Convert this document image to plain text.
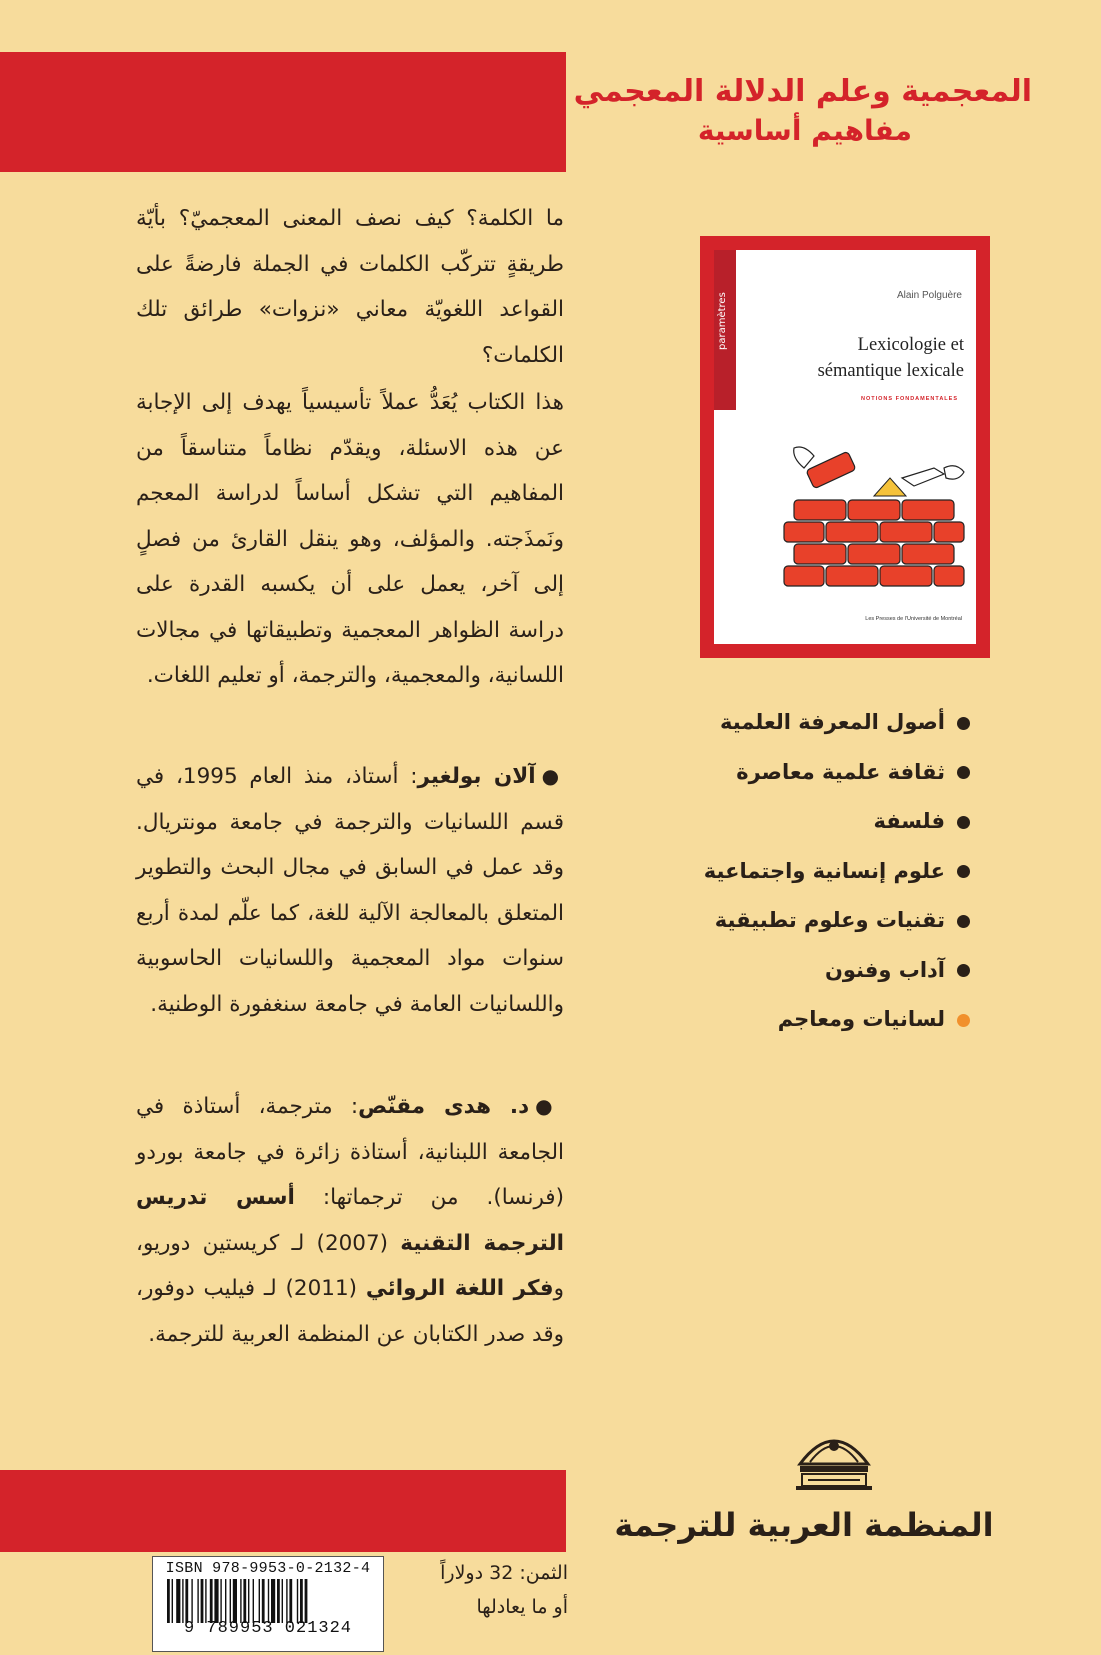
المعجمية وعلم الدلالة المعجمي
مفاهيم أساسية
ما الكلمة؟ كيف نصف المعنى المعجميّ؟ بأيّة طريقةٍ تتركّب الكلمات في الجملة فارضةً على القواعد اللغويّة معاني «نزوات» طرائق تلك الكلمات؟
هذا الكتاب يُعَدُّ عملاً تأسيسياً يهدف إلى الإجابة عن هذه الاسئلة، ويقدّم نظاماً متناسقاً من المفاهيم التي تشكل أساساً لدراسة المعجم ونَمذَجته. والمؤلف، وهو ينقل القارئ من فصلٍ إلى آخر، يعمل على أن يكسبه القدرة على دراسة الظواهر المعجمية وتطبيقاتها في مجالات اللسانية، والمعجمية، والترجمة، أو تعليم اللغات.
●آلان بولغير: أستاذ، منذ العام 1995، في قسم اللسانيات والترجمة في جامعة مونتريال. وقد عمل في السابق في مجال البحث والتطوير المتعلق بالمعالجة الآلية للغة، كما علّم لمدة أربع سنوات مواد المعجمية واللسانيات الحاسوبية واللسانيات العامة في جامعة سنغفورة الوطنية.
●د. هدى مقنّص: مترجمة، أستاذة في الجامعة اللبنانية، أستاذة زائرة في جامعة بوردو (فرنسا). من ترجماتها: أسس تدريس الترجمة التقنية (2007) لـ كريستين دوريو، وفكر اللغة الروائي (2011) لـ فيليب دوفور، وقد صدر الكتابان عن المنظمة العربية للترجمة.
paramètres	Alain Polguère
Lexicologie et
sémantique lexicale
NOTIONS FONDAMENTALES
Les Presses de l'Université de Montréal
أصول المعرفة العلمية
ثقافة علمية معاصرة
فلسفة
علوم إنسانية واجتماعية
تقنيات وعلوم تطبيقية
آداب وفنون
لسانيات ومعاجم
المنظمة العربية للترجمة
ISBN 978-9953-0-2132-4
9 789953 021324
الثمن: 32 دولاراً
أو ما يعادلها
